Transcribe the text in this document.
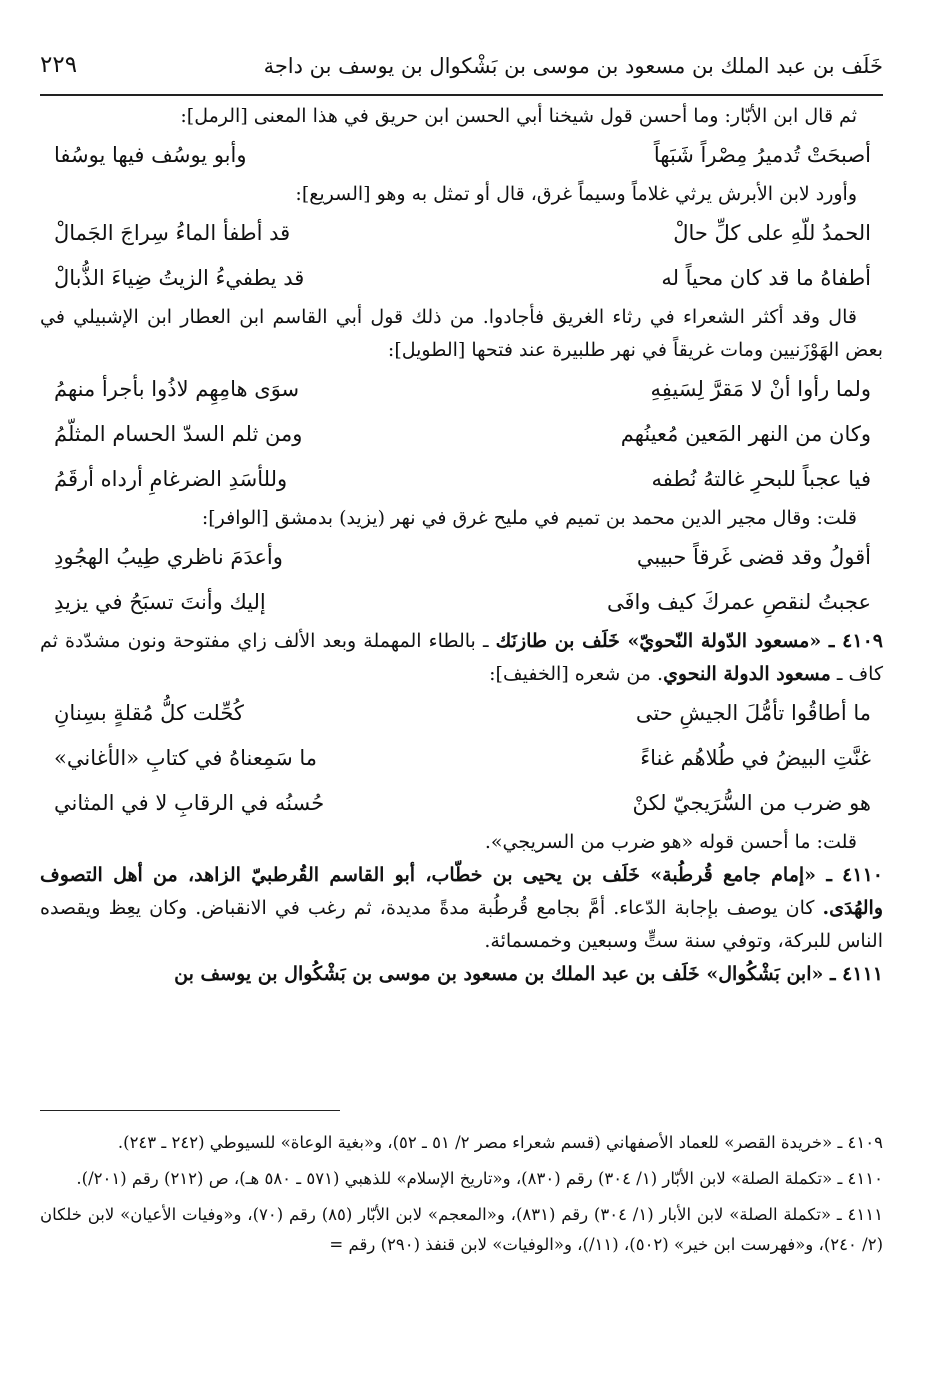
خَلَف بن عبد الملك بن مسعود بن موسى بن بَشْكوال بن يوسف بن داجة
٢٢٩

ثم قال ابن الأبّار: وما أحسن قول شيخنا أبي الحسن ابن حريق في هذا المعنى [الرمل]:

أصبحَتْ تُدميرُ مِصْراً شَبَهاً
وأبو يوسُف فيها يوسُفا

وأورد لابن الأبرش يرثي غلاماً وسيماً غرق، قال أو تمثل به وهو [السريع]:

الحمدُ للّهِ على كلِّ حالْ
قد أطفأ الماءُ سِراجَ الجَمالْ
أطفاهُ ما قد كان محياً له
قد يطفيءُ الزيتُ ضِياءَ الذُّبالْ

قال وقد أكثر الشعراء في رثاء الغريق فأجادوا. من ذلك قول أبي القاسم ابن العطار ابن الإشبيلي في بعض الهَوْزَنيين ومات غريقاً في نهر طلبيرة عند فتحها [الطويل]:

ولما رأوا أنْ لا مَقرَّ لِسَيفِهِ
سوَى هامِهِم لاذُوا بأجرأ منهمُ
وكان من النهر المَعين مُعينُهم
ومن ثلم السدّ الحسام المثلّمُ
فيا عجباً للبحرِ غالتهُ نُطفه
وللأسَدِ الضرغامِ أرداه أرقَمُ

قلت: وقال مجير الدين محمد بن تميم في مليح غرق في نهر (يزيد) بدمشق [الوافر]:

أقولُ وقد قضى غَرقاً حبيبي
وأعدَمَ ناظري طِيبُ الهجُودِ
عجبتُ لنقصِ عمركَ كيف وافَى
إليك وأنتَ تسبَحُ في يزيدِ

٤١٠٩ ـ «مسعود الدّولة النّحويّ» خَلَف بن طازنَك ـ بالطاء المهملة وبعد الألف زاي مفتوحة ونون مشدّدة ثم كاف ـ مسعود الدولة النحوي. من شعره [الخفيف]:

ما أطاقُوا تأمُّلَ الجيشِ حتى
كُحِّلت كلُّ مُقلةٍ بسِنانِ
غنَّتِ البيضُ في طُلاهُم غناءً
ما سَمِعناهُ في كتابِ «الأغاني»
هو ضرب من السُّرَيجيّ لكنْ
حُسنُه في الرقابِ لا في المثاني

قلت: ما أحسن قوله «هو ضرب من السريجي».

٤١١٠ ـ «إمام جامع قُرطُبة» خَلَف بن يحيى بن خطّاب، أبو القاسم القُرطبيّ الزاهد، من أهل التصوف والهُدَى. كان يوصف بإجابة الدّعاء. أمَّ بجامع قُرطُبة مدةً مديدة، ثم رغب في الانقباض. وكان يعِظ ويقصده الناس للبركة، وتوفي سنة ستٍّ وسبعين وخمسمائة.

٤١١١ ـ «ابن بَشْكُوال» خَلَف بن عبد الملك بن مسعود بن موسى بن بَشْكُوال بن يوسف بن

٤١٠٩ ـ «خريدة القصر» للعماد الأصفهاني (قسم شعراء مصر ٢/ ٥١ ـ ٥٢)، و«بغية الوعاة» للسيوطي (٢٤٢ ـ ٢٤٣).

٤١١٠ ـ «تكملة الصلة» لابن الأبّار (١/ ٣٠٤) رقم (٨٣٠)، و«تاريخ الإسلام» للذهبي (٥٧١ ـ ٥٨٠ هـ)، ص (٢١٢) رقم (٢٠١/).

٤١١١ ـ «تكملة الصلة» لابن الأبار (١/ ٣٠٤) رقم (٨٣١)، و«المعجم» لابن الأبّار (٨٥) رقم (٧٠)، و«وفيات الأعيان» لابن خلكان (٢/ ٢٤٠)، و«فهرست ابن خير» (٥٠٢)، (١١/)، و«الوفيات» لابن قنفذ (٢٩٠) رقم =
